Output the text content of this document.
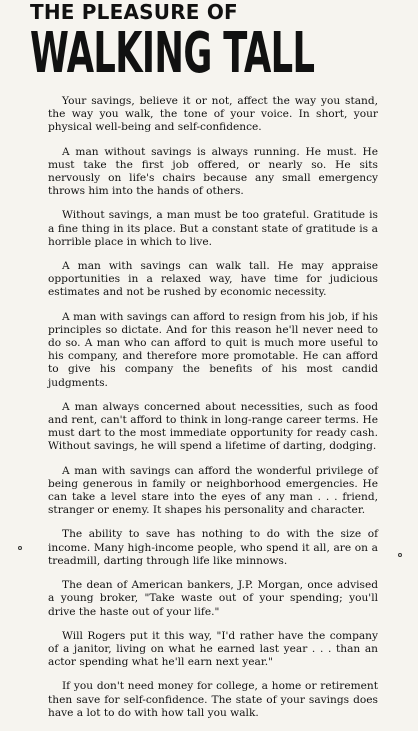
THE PLEASURE OF
WALKING TALL

Your savings, believe it or not, affect the way you stand, the way you walk, the tone of your voice. In short, your physical well-being and self-confidence.

A man without savings is always running. He must. He must take the first job offered, or nearly so. He sits nervously on life's chairs because any small emergency throws him into the hands of others.

Without savings, a man must be too grateful. Gratitude is a fine thing in its place. But a constant state of gratitude is a horrible place in which to live.

A man with savings can walk tall. He may appraise opportunities in a relaxed way, have time for judicious estimates and not be rushed by economic necessity.

A man with savings can afford to resign from his job, if his principles so dictate. And for this reason he'll never need to do so. A man who can afford to quit is much more useful to his company, and therefore more promotable. He can afford to give his company the benefits of his most candid judgments.

A man always concerned about necessities, such as food and rent, can't afford to think in long-range career terms. He must dart to the most immediate opportunity for ready cash. Without savings, he will spend a lifetime of darting, dodging.

A man with savings can afford the wonderful privilege of being generous in family or neighborhood emergencies. He can take a level stare into the eyes of any man . . . friend, stranger or enemy. It shapes his personality and character.

The ability to save has nothing to do with the size of income. Many high-income people, who spend it all, are on a treadmill, darting through life like minnows.

The dean of American bankers, J.P. Morgan, once advised a young broker, "Take waste out of your spending; you'll drive the haste out of your life."

Will Rogers put it this way, "I'd rather have the company of a janitor, living on what he earned last year . . . than an actor spending what he'll earn next year."

If you don't need money for college, a home or retirement then save for self-confidence. The state of your savings does have a lot to do with how tall you walk.
